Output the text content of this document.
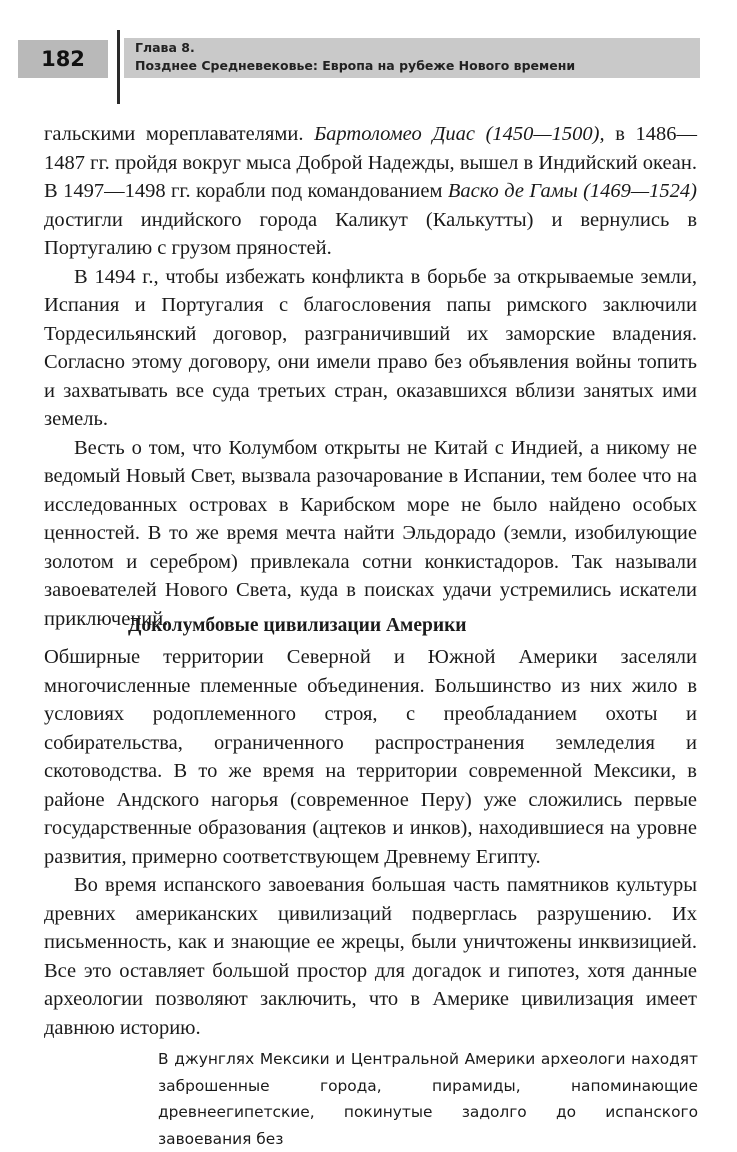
182	Глава 8.
Позднее Средневековье: Европа на рубеже Нового времени

гальскими мореплавателями. Бартоломео Диас (1450—1500), в 1486—1487 гг. пройдя вокруг мыса Доброй Надежды, вышел в Индийский океан. В 1497—1498 гг. корабли под командованием Васко де Гамы (1469—1524) достигли индийского города Каликут (Калькутты) и вернулись в Португалию с грузом пряностей.

В 1494 г., чтобы избежать конфликта в борьбе за открываемые земли, Испания и Португалия с благословения папы римского заключили Тордесильянский договор, разграничивший их заморские владения. Согласно этому договору, они имели право без объявления войны топить и захватывать все суда третьих стран, оказавшихся вблизи занятых ими земель.

Весть о том, что Колумбом открыты не Китай с Индией, а никому не ведомый Новый Свет, вызвала разочарование в Испании, тем более что на исследованных островах в Карибском море не было найдено особых ценностей. В то же время мечта найти Эльдорадо (земли, изобилующие золотом и серебром) привлекала сотни конкистадоров. Так называли завоевателей Нового Света, куда в поисках удачи устремились искатели приключений.

Доколумбовые цивилизации Америки

Обширные территории Северной и Южной Америки заселяли многочисленные племенные объединения. Большинство из них жило в условиях родоплеменного строя, с преобладанием охоты и собирательства, ограниченного распространения земледелия и скотоводства. В то же время на территории современной Мексики, в районе Андского нагорья (современное Перу) уже сложились первые государственные образования (ацтеков и инков), находившиеся на уровне развития, примерно соответствующем Древнему Египту.

Во время испанского завоевания большая часть памятников культуры древних американских цивилизаций подверглась разрушению. Их письменность, как и знающие ее жрецы, были уничтожены инквизицией. Все это оставляет большой простор для догадок и гипотез, хотя данные археологии позволяют заключить, что в Америке цивилизация имеет давнюю историю.

В джунглях Мексики и Центральной Америки археологи находят заброшенные города, пирамиды, напоминающие древнеегипетские, покинутые задолго до испанского завоевания без
